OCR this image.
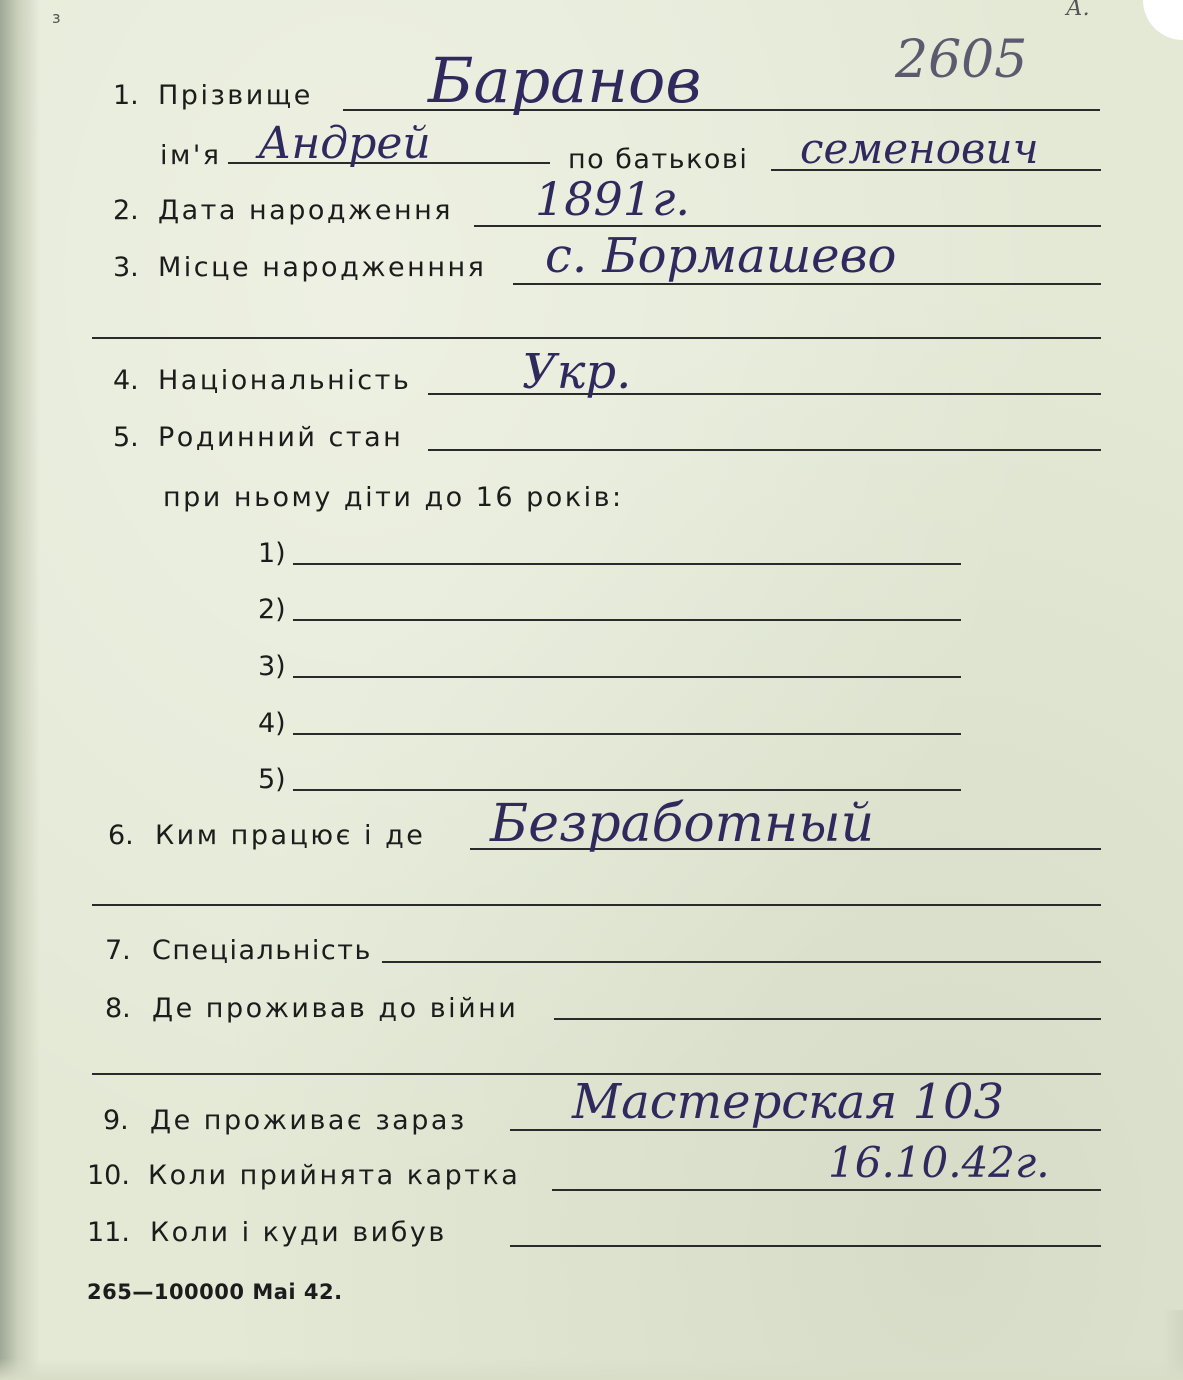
з	А.
2605
1. Прізвище Баранов
ім'я Андрей	по батькові семенович
2. Дата народження 1891г.
3. Місце народженння с. Бормашево
4. Національність Укр.
5. Родинний стан
при ньому діти до 16 років:
1)
2)
3)
4)
5)
6. Ким працює і де Безработный
7. Спеціальність
8. Де проживав до війни
9. Де проживає зараз Мастерская 103
10. Коли прийнята картка	16.10.42г.
11. Коли і куди вибув
265—100000 Mai 42.
